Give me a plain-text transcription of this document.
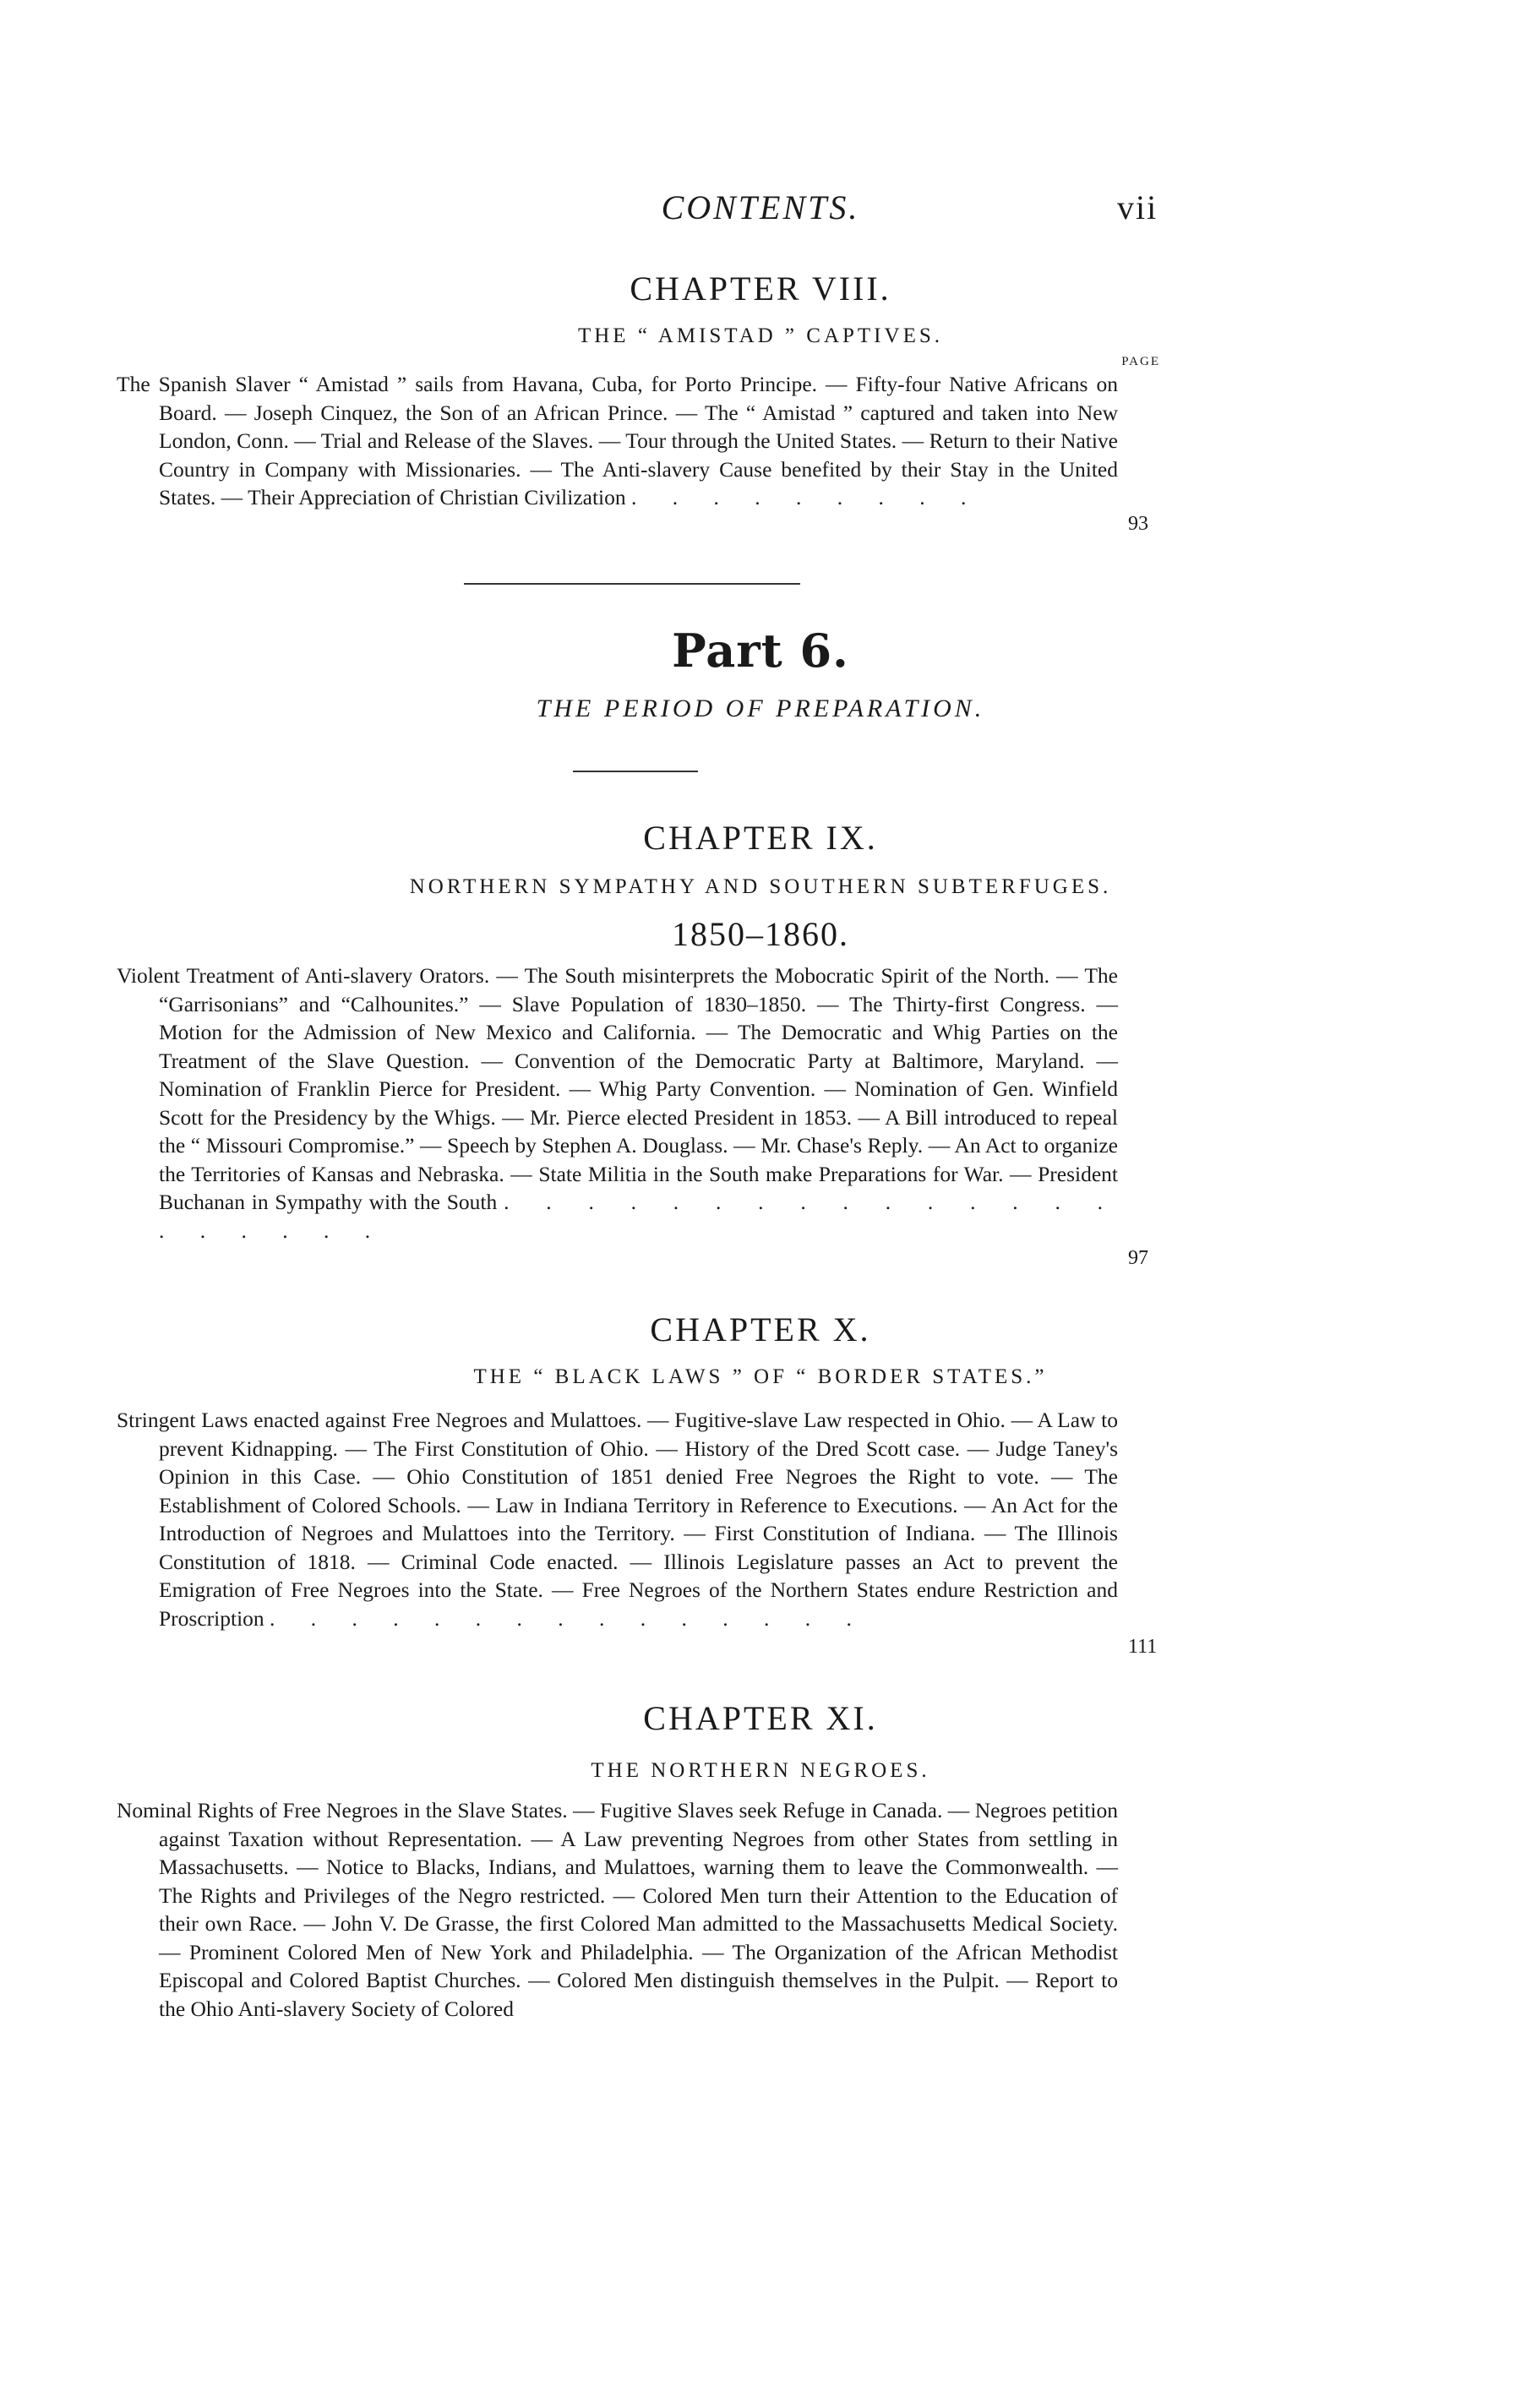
CONTENTS.	vii
CHAPTER VIII.
THE “ AMISTAD ” CAPTIVES.
PAGE
The Spanish Slaver “ Amistad ” sails from Havana, Cuba, for Porto Principe. — Fifty-four Native Africans on Board. — Joseph Cinquez, the Son of an African Prince. — The “ Amistad ” captured and taken into New London, Conn. — Trial and Release of the Slaves. — Tour through the United States. — Return to their Native Country in Company with Missionaries. — The Anti-slavery Cause benefited by their Stay in the United States. — Their Appreciation of Christian Civilization . . . . . . . . .
93
Part 6.
THE PERIOD OF PREPARATION.
CHAPTER IX.
NORTHERN SYMPATHY AND SOUTHERN SUBTERFUGES.
1850–1860.
Violent Treatment of Anti-slavery Orators. — The South misinterprets the Mobocratic Spirit of the North. — The “Garrisonians” and “Calhounites.” — Slave Population of 1830–1850. — The Thirty-first Congress. — Motion for the Admission of New Mexico and California. — The Democratic and Whig Parties on the Treatment of the Slave Question. — Convention of the Democratic Party at Baltimore, Maryland. — Nomination of Franklin Pierce for President. — Whig Party Convention. — Nomination of Gen. Winfield Scott for the Presidency by the Whigs. — Mr. Pierce elected President in 1853. — A Bill introduced to repeal the “ Missouri Compromise.” — Speech by Stephen A. Douglass. — Mr. Chase's Reply. — An Act to organize the Territories of Kansas and Nebraska. — State Militia in the South make Preparations for War. — President Buchanan in Sympathy with the South . . . . . . . . . . . . . . . . . . . . .
97
CHAPTER X.
THE “ BLACK LAWS ” OF “ BORDER STATES.”
Stringent Laws enacted against Free Negroes and Mulattoes. — Fugitive-slave Law respected in Ohio. — A Law to prevent Kidnapping. — The First Constitution of Ohio. — History of the Dred Scott case. — Judge Taney's Opinion in this Case. — Ohio Constitution of 1851 denied Free Negroes the Right to vote. — The Establishment of Colored Schools. — Law in Indiana Territory in Reference to Executions. — An Act for the Introduction of Negroes and Mulattoes into the Territory. — First Constitution of Indiana. — The Illinois Constitution of 1818. — Criminal Code enacted. — Illinois Legislature passes an Act to prevent the Emigration of Free Negroes into the State. — Free Negroes of the Northern States endure Restriction and Proscription . . . . . . . . . . . . . . .
111
CHAPTER XI.
THE NORTHERN NEGROES.
Nominal Rights of Free Negroes in the Slave States. — Fugitive Slaves seek Refuge in Canada. — Negroes petition against Taxation without Representation. — A Law preventing Negroes from other States from settling in Massachusetts. — Notice to Blacks, Indians, and Mulattoes, warning them to leave the Commonwealth. — The Rights and Privileges of the Negro restricted. — Colored Men turn their Attention to the Education of their own Race. — John V. De Grasse, the first Colored Man admitted to the Massachusetts Medical Society. — Prominent Colored Men of New York and Philadelphia. — The Organization of the African Methodist Episcopal and Colored Baptist Churches. — Colored Men distinguish themselves in the Pulpit. — Report to the Ohio Anti-slavery Society of Colored
